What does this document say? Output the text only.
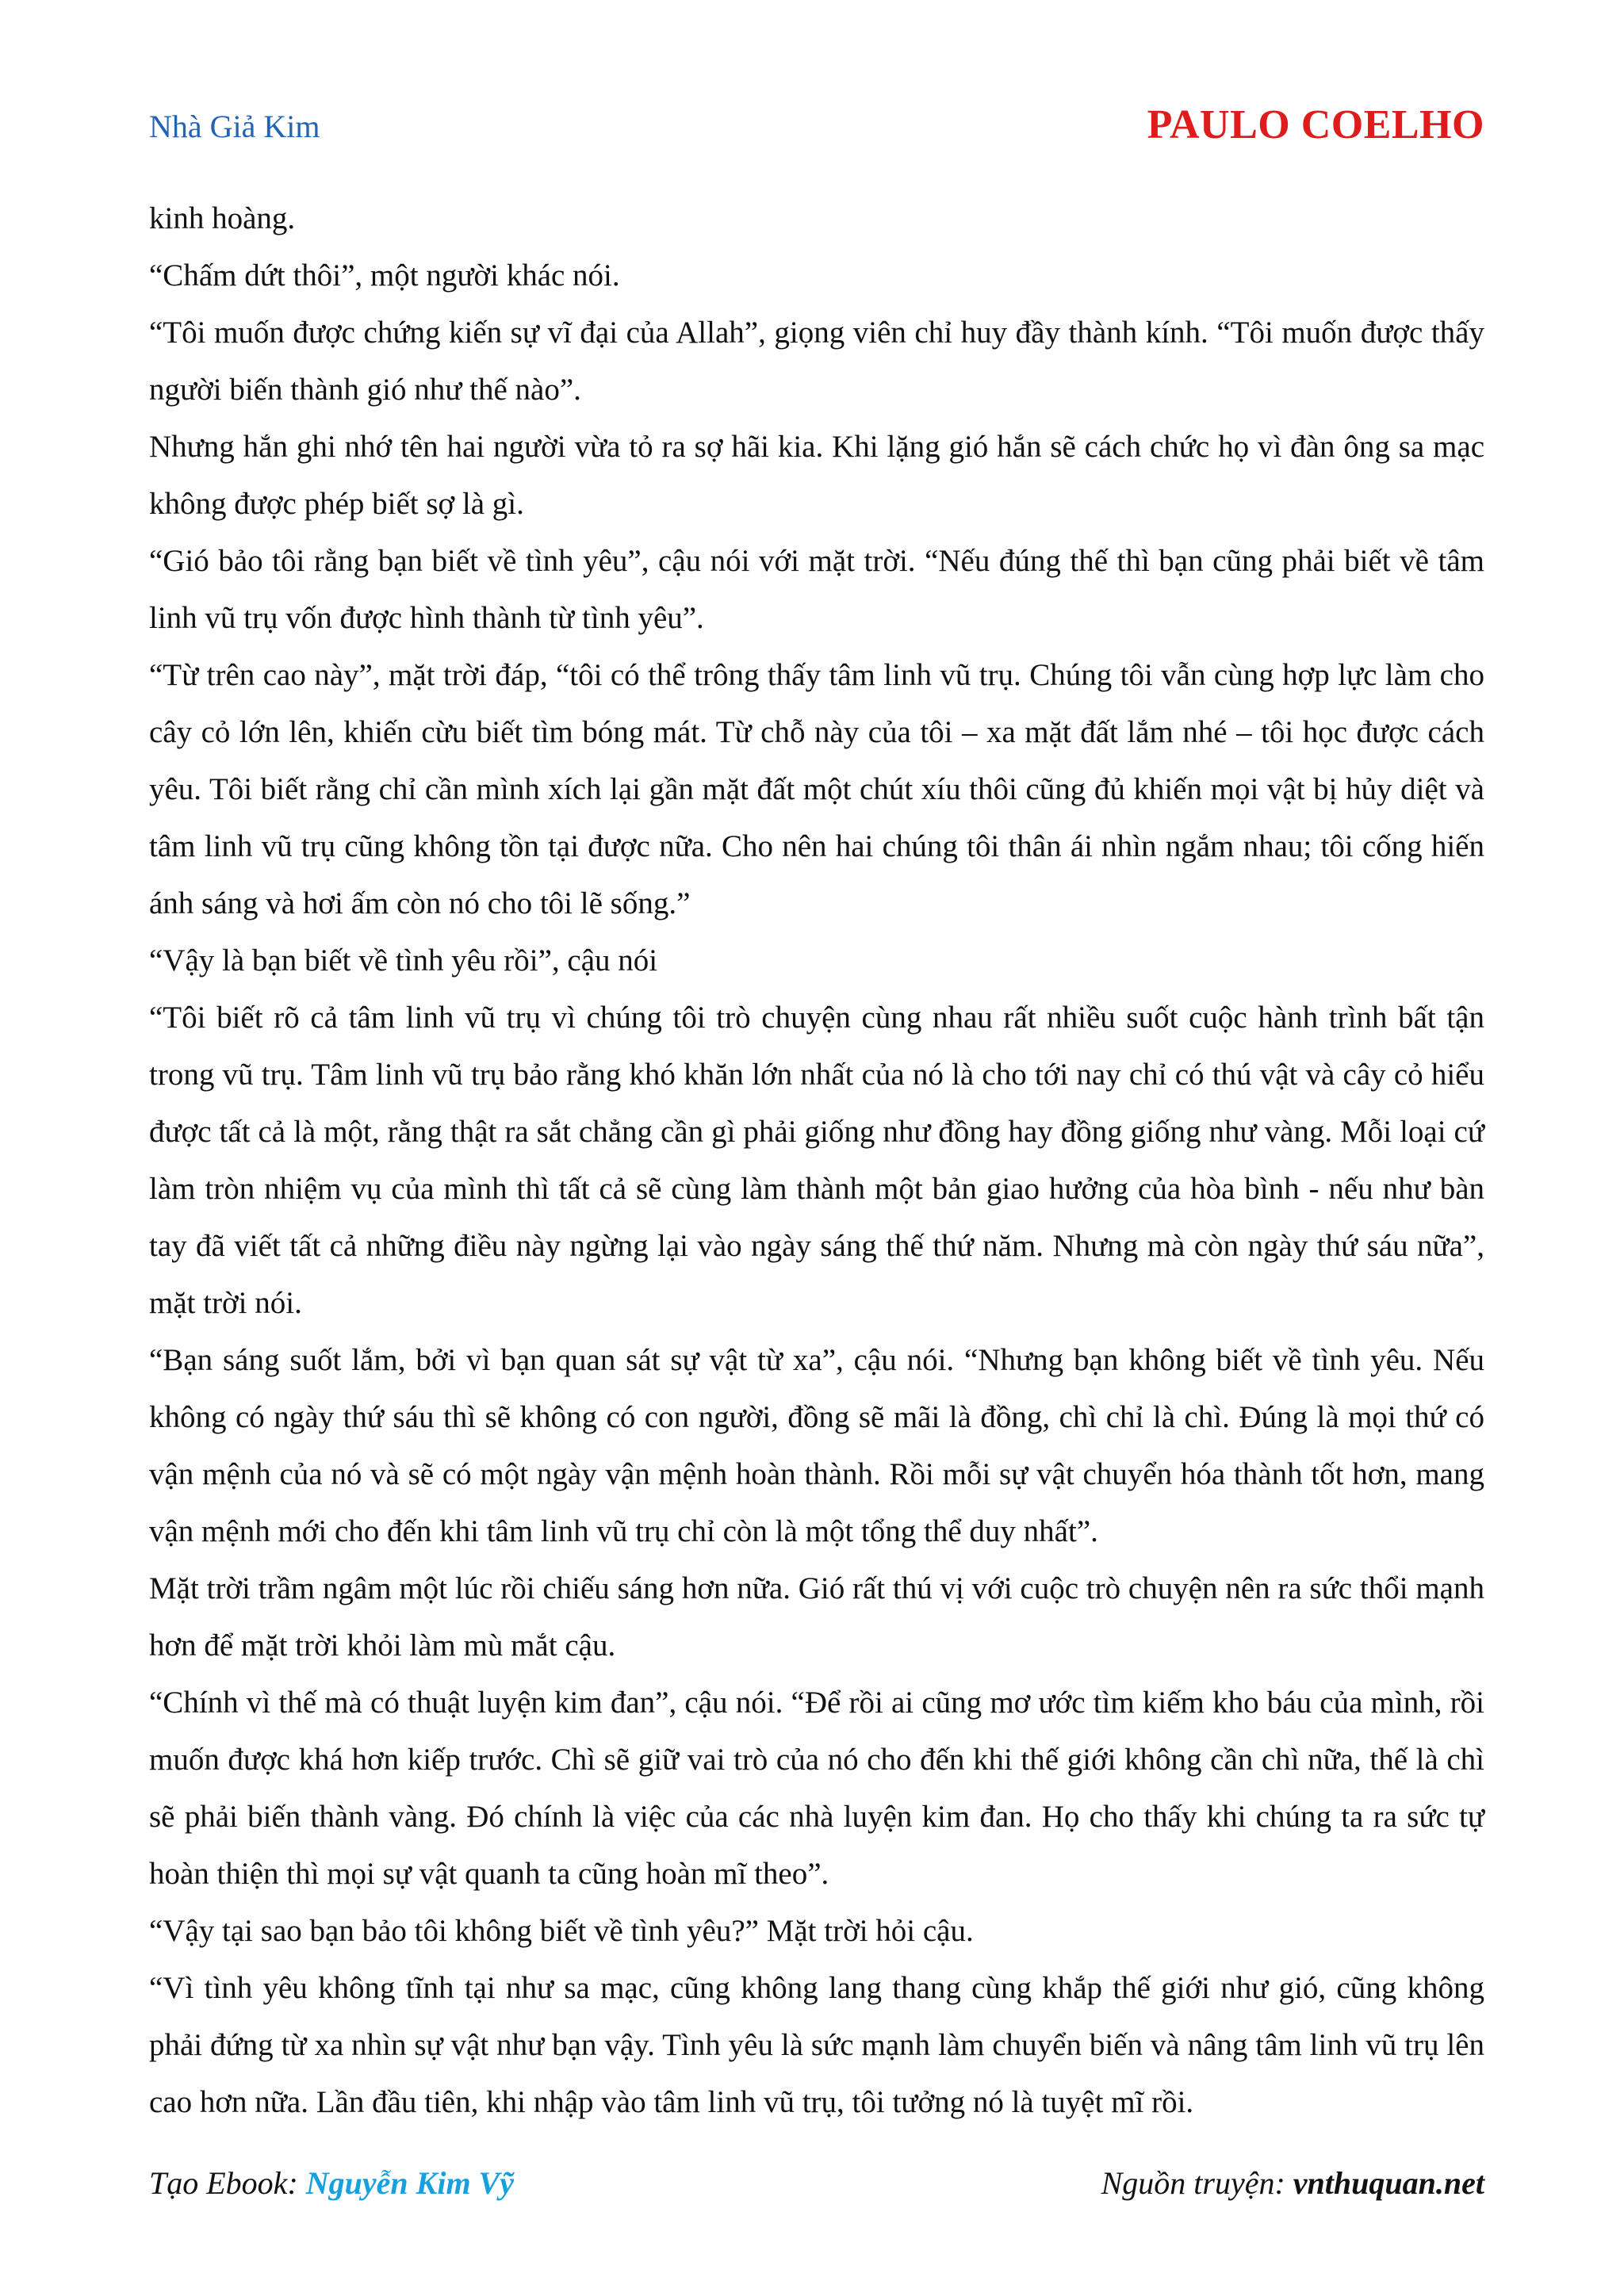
Nhà Giả Kim	PAULO COELHO

kinh hoàng.

“Chấm dứt thôi”, một người khác nói.

“Tôi muốn được chứng kiến sự vĩ đại của Allah”, giọng viên chỉ huy đầy thành kính. “Tôi muốn được thấy người biến thành gió như thế nào”.

Nhưng hắn ghi nhớ tên hai người vừa tỏ ra sợ hãi kia. Khi lặng gió hắn sẽ cách chức họ vì đàn ông sa mạc không được phép biết sợ là gì.

“Gió bảo tôi rằng bạn biết về tình yêu”, cậu nói với mặt trời. “Nếu đúng thế thì bạn cũng phải biết về tâm linh vũ trụ vốn được hình thành từ tình yêu”.

“Từ trên cao này”, mặt trời đáp, “tôi có thể trông thấy tâm linh vũ trụ. Chúng tôi vẫn cùng hợp lực làm cho cây cỏ lớn lên, khiến cừu biết tìm bóng mát. Từ chỗ này của tôi – xa mặt đất lắm nhé – tôi học được cách yêu. Tôi biết rằng chỉ cần mình xích lại gần mặt đất một chút xíu thôi cũng đủ khiến mọi vật bị hủy diệt và tâm linh vũ trụ cũng không tồn tại được nữa. Cho nên hai chúng tôi thân ái nhìn ngắm nhau; tôi cống hiến ánh sáng và hơi ấm còn nó cho tôi lẽ sống.”

“Vậy là bạn biết về tình yêu rồi”, cậu nói

“Tôi biết rõ cả tâm linh vũ trụ vì chúng tôi trò chuyện cùng nhau rất nhiều suốt cuộc hành trình bất tận trong vũ trụ. Tâm linh vũ trụ bảo rằng khó khăn lớn nhất của nó là cho tới nay chỉ có thú vật và cây cỏ hiểu được tất cả là một, rằng thật ra sắt chẳng cần gì phải giống như đồng hay đồng giống như vàng. Mỗi loại cứ làm tròn nhiệm vụ của mình thì tất cả sẽ cùng làm thành một bản giao hưởng của hòa bình - nếu như bàn tay đã viết tất cả những điều này ngừng lại vào ngày sáng thế thứ năm. Nhưng mà còn ngày thứ sáu nữa”, mặt trời nói.

“Bạn sáng suốt lắm, bởi vì bạn quan sát sự vật từ xa”, cậu nói. “Nhưng bạn không biết về tình yêu. Nếu không có ngày thứ sáu thì sẽ không có con người, đồng sẽ mãi là đồng, chì chỉ là chì. Đúng là mọi thứ có vận mệnh của nó và sẽ có một ngày vận mệnh hoàn thành. Rồi mỗi sự vật chuyển hóa thành tốt hơn, mang vận mệnh mới cho đến khi tâm linh vũ trụ chỉ còn là một tổng thể duy nhất”.

Mặt trời trầm ngâm một lúc rồi chiếu sáng hơn nữa. Gió rất thú vị với cuộc trò chuyện nên ra sức thổi mạnh hơn để mặt trời khỏi làm mù mắt cậu.

“Chính vì thế mà có thuật luyện kim đan”, cậu nói. “Để rồi ai cũng mơ ước tìm kiếm kho báu của mình, rồi muốn được khá hơn kiếp trước. Chì sẽ giữ vai trò của nó cho đến khi thế giới không cần chì nữa, thế là chì sẽ phải biến thành vàng. Đó chính là việc của các nhà luyện kim đan. Họ cho thấy khi chúng ta ra sức tự hoàn thiện thì mọi sự vật quanh ta cũng hoàn mĩ theo”.

“Vậy tại sao bạn bảo tôi không biết về tình yêu?” Mặt trời hỏi cậu.

“Vì tình yêu không tĩnh tại như sa mạc, cũng không lang thang cùng khắp thế giới như gió, cũng không phải đứng từ xa nhìn sự vật như bạn vậy. Tình yêu là sức mạnh làm chuyển biến và nâng tâm linh vũ trụ lên cao hơn nữa. Lần đầu tiên, khi nhập vào tâm linh vũ trụ, tôi tưởng nó là tuyệt mĩ rồi.

Tạo Ebook: Nguyễn Kim Vỹ	Nguồn truyện: vnthuquan.net
